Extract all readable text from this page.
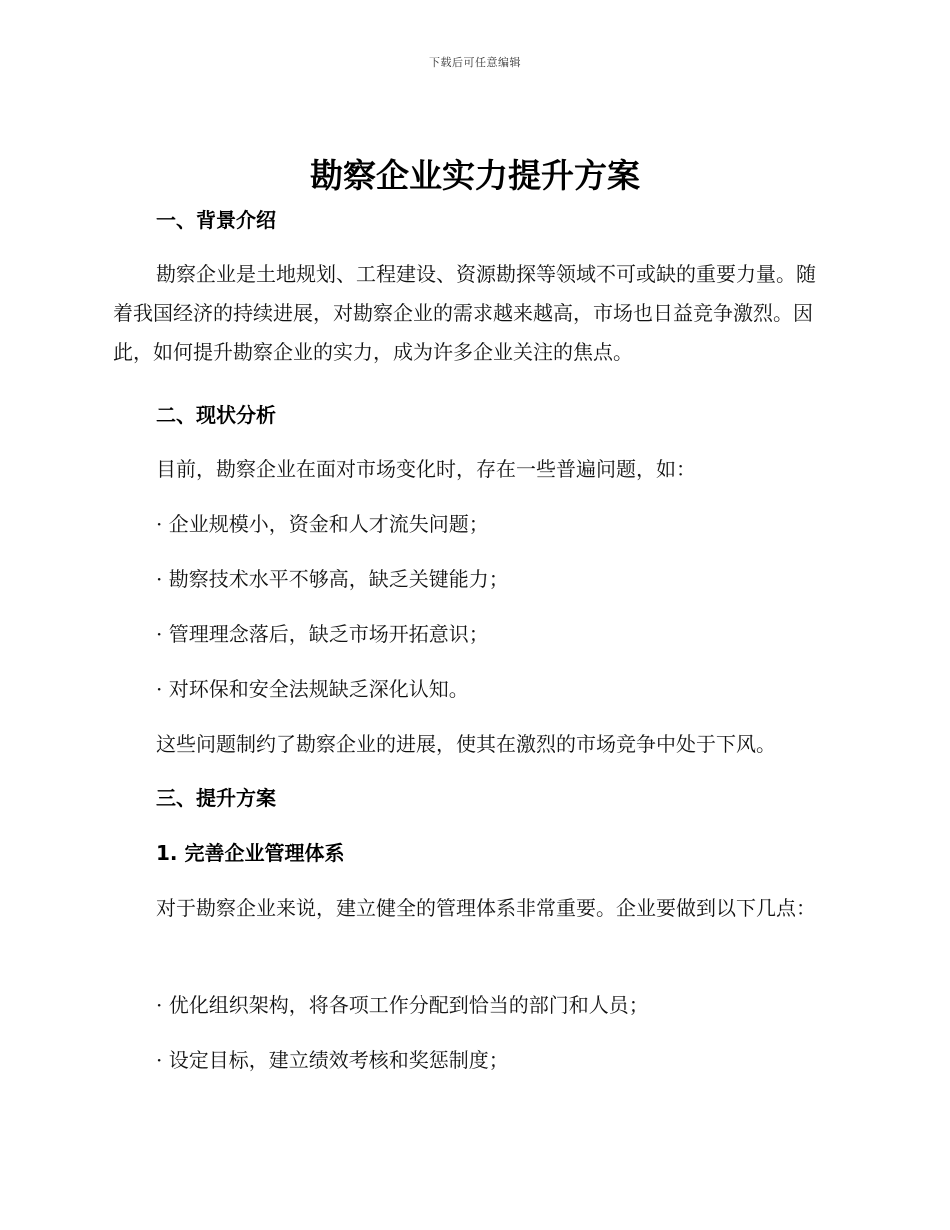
下载后可任意编辑
勘察企业实力提升方案
一、背景介绍

勘察企业是土地规划、工程建设、资源勘探等领域不可或缺的重要力量。随着我国经济的持续进展，对勘察企业的需求越来越高，市场也日益竞争激烈。因此，如何提升勘察企业的实力，成为许多企业关注的焦点。

二、现状分析

目前，勘察企业在面对市场变化时，存在一些普遍问题，如：

· 企业规模小，资金和人才流失问题；

· 勘察技术水平不够高，缺乏关键能力；

· 管理理念落后，缺乏市场开拓意识；

· 对环保和安全法规缺乏深化认知。

这些问题制约了勘察企业的进展，使其在激烈的市场竞争中处于下风。

三、提升方案
1. 完善企业管理体系

对于勘察企业来说，建立健全的管理体系非常重要。企业要做到以下几点：

· 优化组织架构，将各项工作分配到恰当的部门和人员；

· 设定目标，建立绩效考核和奖惩制度；
